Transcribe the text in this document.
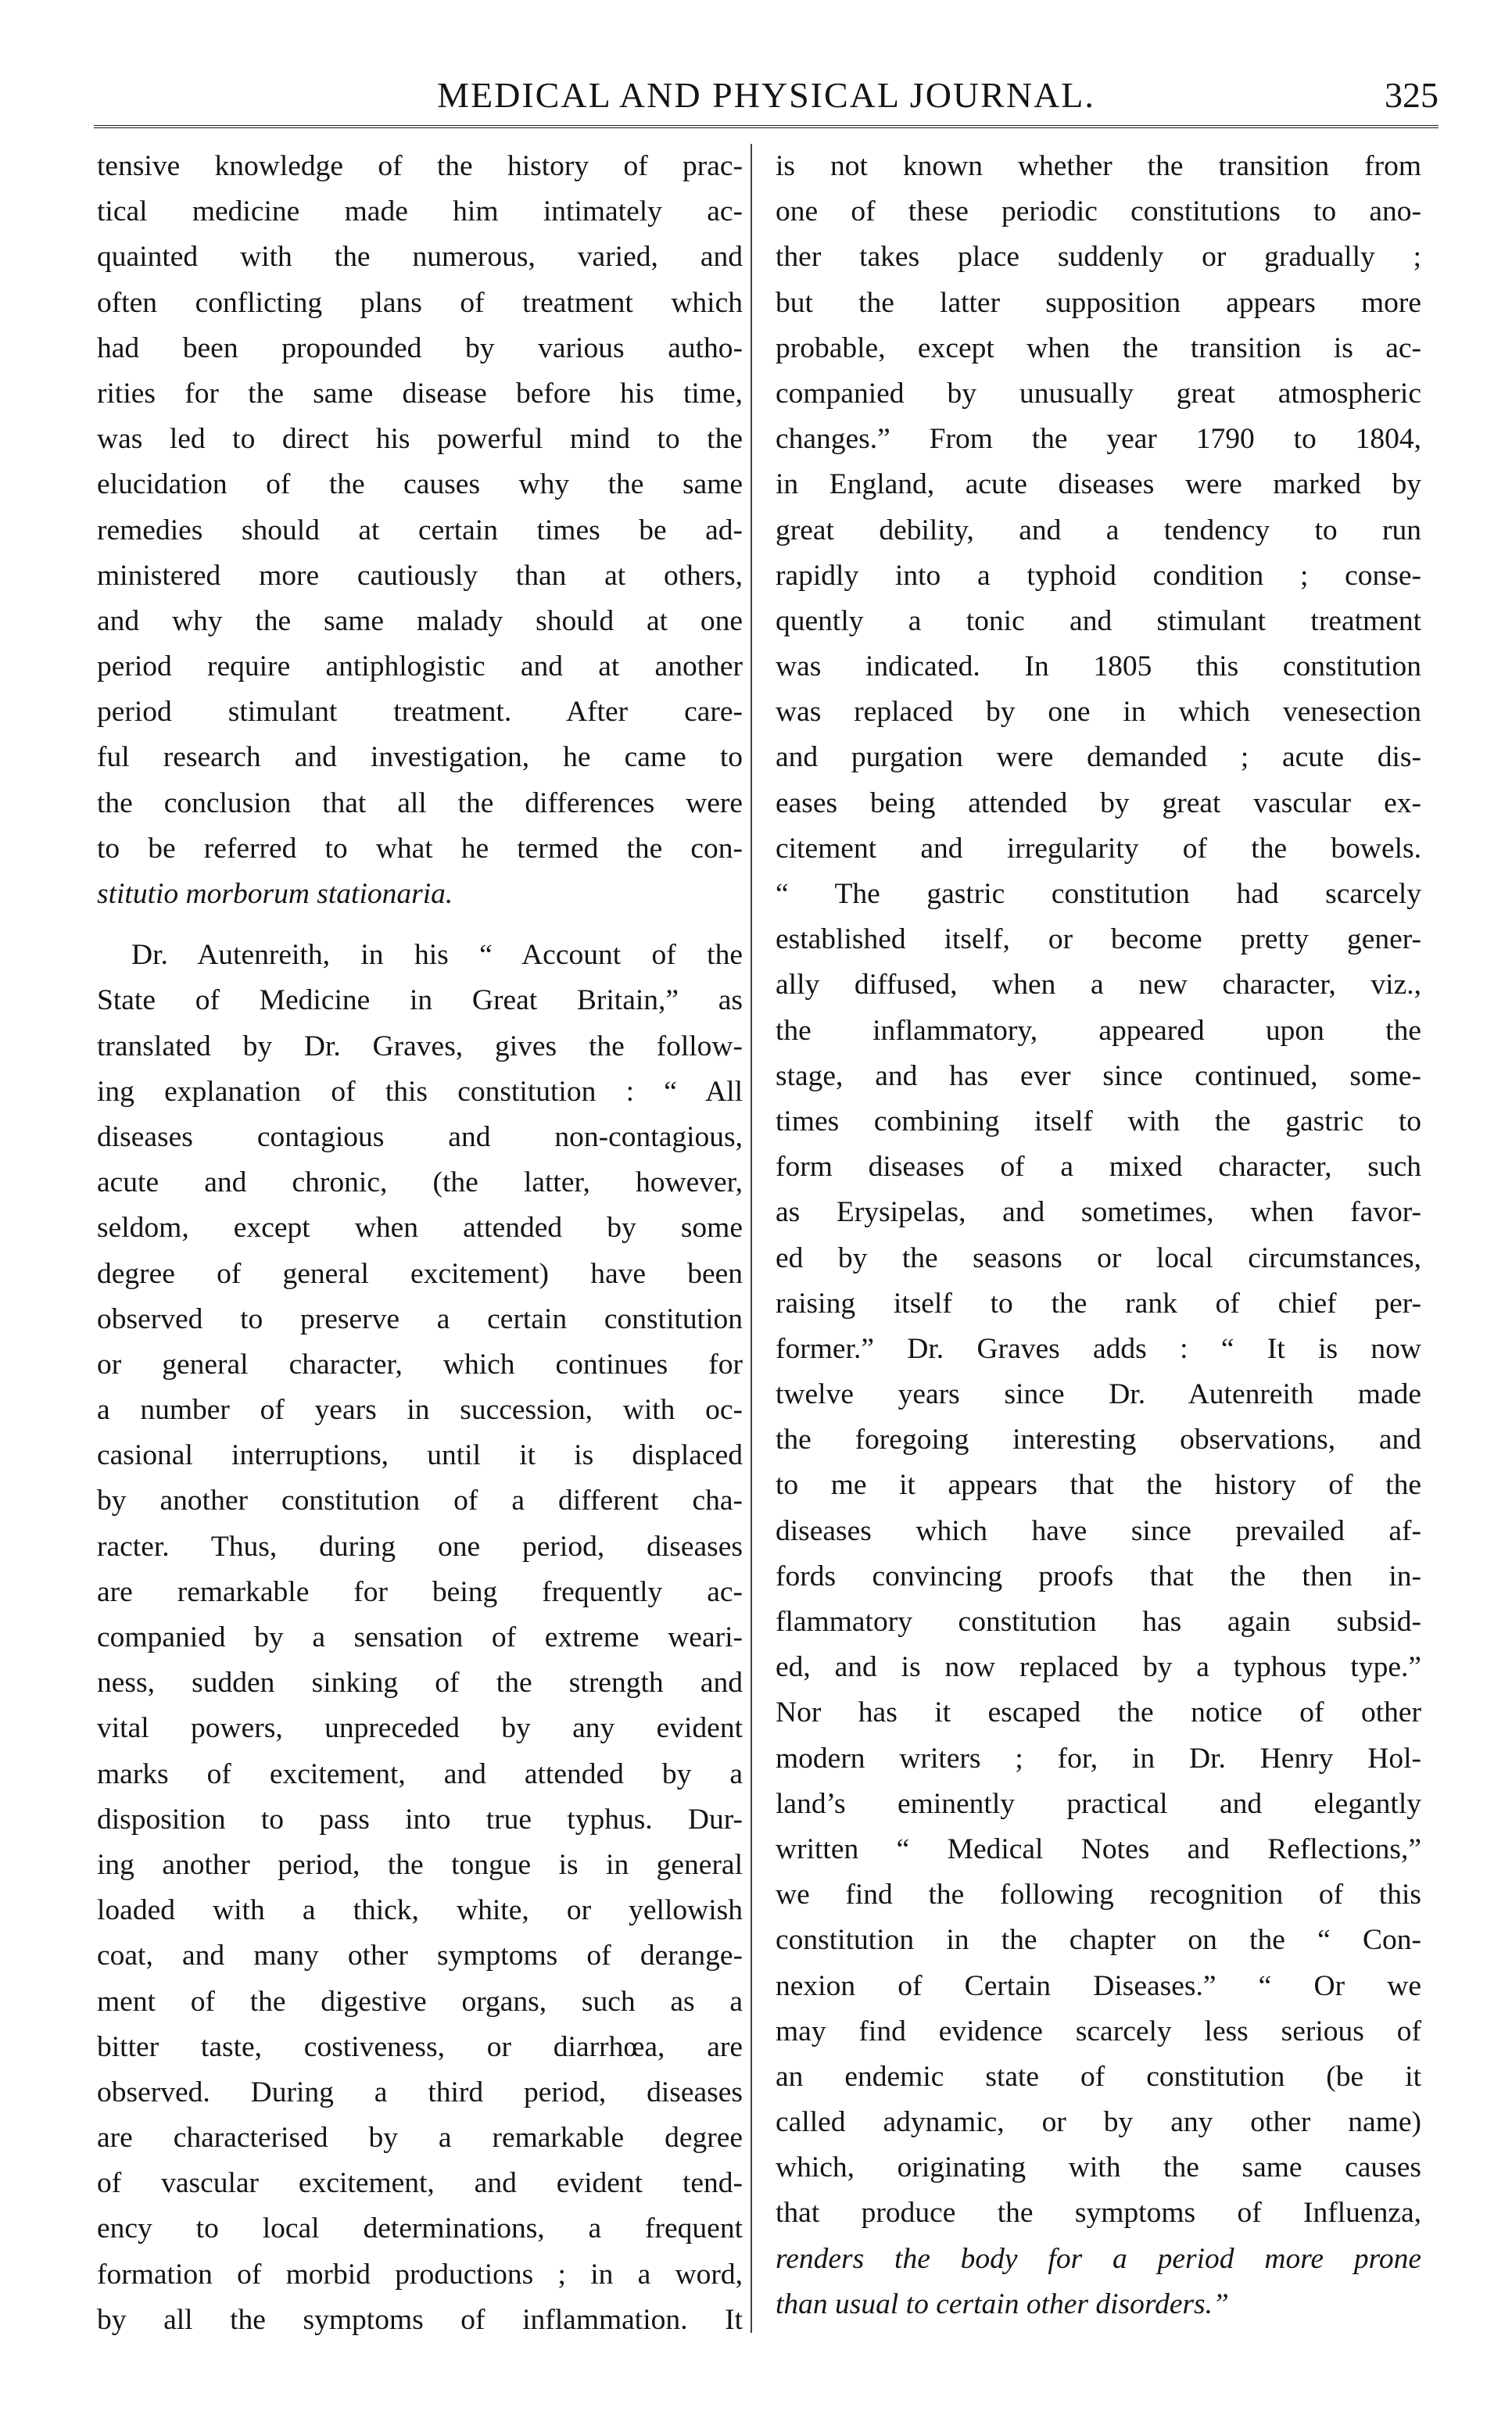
MEDICAL AND PHYSICAL JOURNAL.	325
tensive knowledge of the history of prac-
tical medicine made him intimately ac-
quainted with the numerous, varied, and
often conflicting plans of treatment which
had been propounded by various autho-
rities for the same disease before his time,
was led to direct his powerful mind to the
elucidation of the causes why the same
remedies should at certain times be ad-
ministered more cautiously than at others,
and why the same malady should at one
period require antiphlogistic and at another
period stimulant treatment. After care-
ful research and investigation, he came to
the conclusion that all the differences were
to be referred to what he termed the con-
stitutio morborum stationaria.
Dr. Autenreith, in his “ Account of the
State of Medicine in Great Britain,” as
translated by Dr. Graves, gives the follow-
ing explanation of this constitution : “ All
diseases contagious and non-contagious,
acute and chronic, (the latter, however,
seldom, except when attended by some
degree of general excitement) have been
observed to preserve a certain constitution
or general character, which continues for
a number of years in succession, with oc-
casional interruptions, until it is displaced
by another constitution of a different cha-
racter. Thus, during one period, diseases
are remarkable for being frequently ac-
companied by a sensation of extreme weari-
ness, sudden sinking of the strength and
vital powers, unpreceded by any evident
marks of excitement, and attended by a
disposition to pass into true typhus. Dur-
ing another period, the tongue is in general
loaded with a thick, white, or yellowish
coat, and many other symptoms of derange-
ment of the digestive organs, such as a
bitter taste, costiveness, or diarrhœa, are
observed. During a third period, diseases
are characterised by a remarkable degree
of vascular excitement, and evident tend-
ency to local determinations, a frequent
formation of morbid productions ; in a word,
by all the symptoms of inflammation. It
is not known whether the transition from
one of these periodic constitutions to ano-
ther takes place suddenly or gradually ;
but the latter supposition appears more
probable, except when the transition is ac-
companied by unusually great atmospheric
changes.” From the year 1790 to 1804,
in England, acute diseases were marked by
great debility, and a tendency to run
rapidly into a typhoid condition ; conse-
quently a tonic and stimulant treatment
was indicated. In 1805 this constitution
was replaced by one in which venesection
and purgation were demanded ; acute dis-
eases being attended by great vascular ex-
citement and irregularity of the bowels.
“ The gastric constitution had scarcely
established itself, or become pretty gener-
ally diffused, when a new character, viz.,
the inflammatory, appeared upon the
stage, and has ever since continued, some-
times combining itself with the gastric to
form diseases of a mixed character, such
as Erysipelas, and sometimes, when favor-
ed by the seasons or local circumstances,
raising itself to the rank of chief per-
former.” Dr. Graves adds : “ It is now
twelve years since Dr. Autenreith made
the foregoing interesting observations, and
to me it appears that the history of the
diseases which have since prevailed af-
fords convincing proofs that the then in-
flammatory constitution has again subsid-
ed, and is now replaced by a typhous type.”
Nor has it escaped the notice of other
modern writers ; for, in Dr. Henry Hol-
land’s eminently practical and elegantly
written “ Medical Notes and Reflections,”
we find the following recognition of this
constitution in the chapter on the “ Con-
nexion of Certain Diseases.” “ Or we
may find evidence scarcely less serious of
an endemic state of constitution (be it
called adynamic, or by any other name)
which, originating with the same causes
that produce the symptoms of Influenza,
renders the body for a period more prone
than usual to certain other disorders.”
